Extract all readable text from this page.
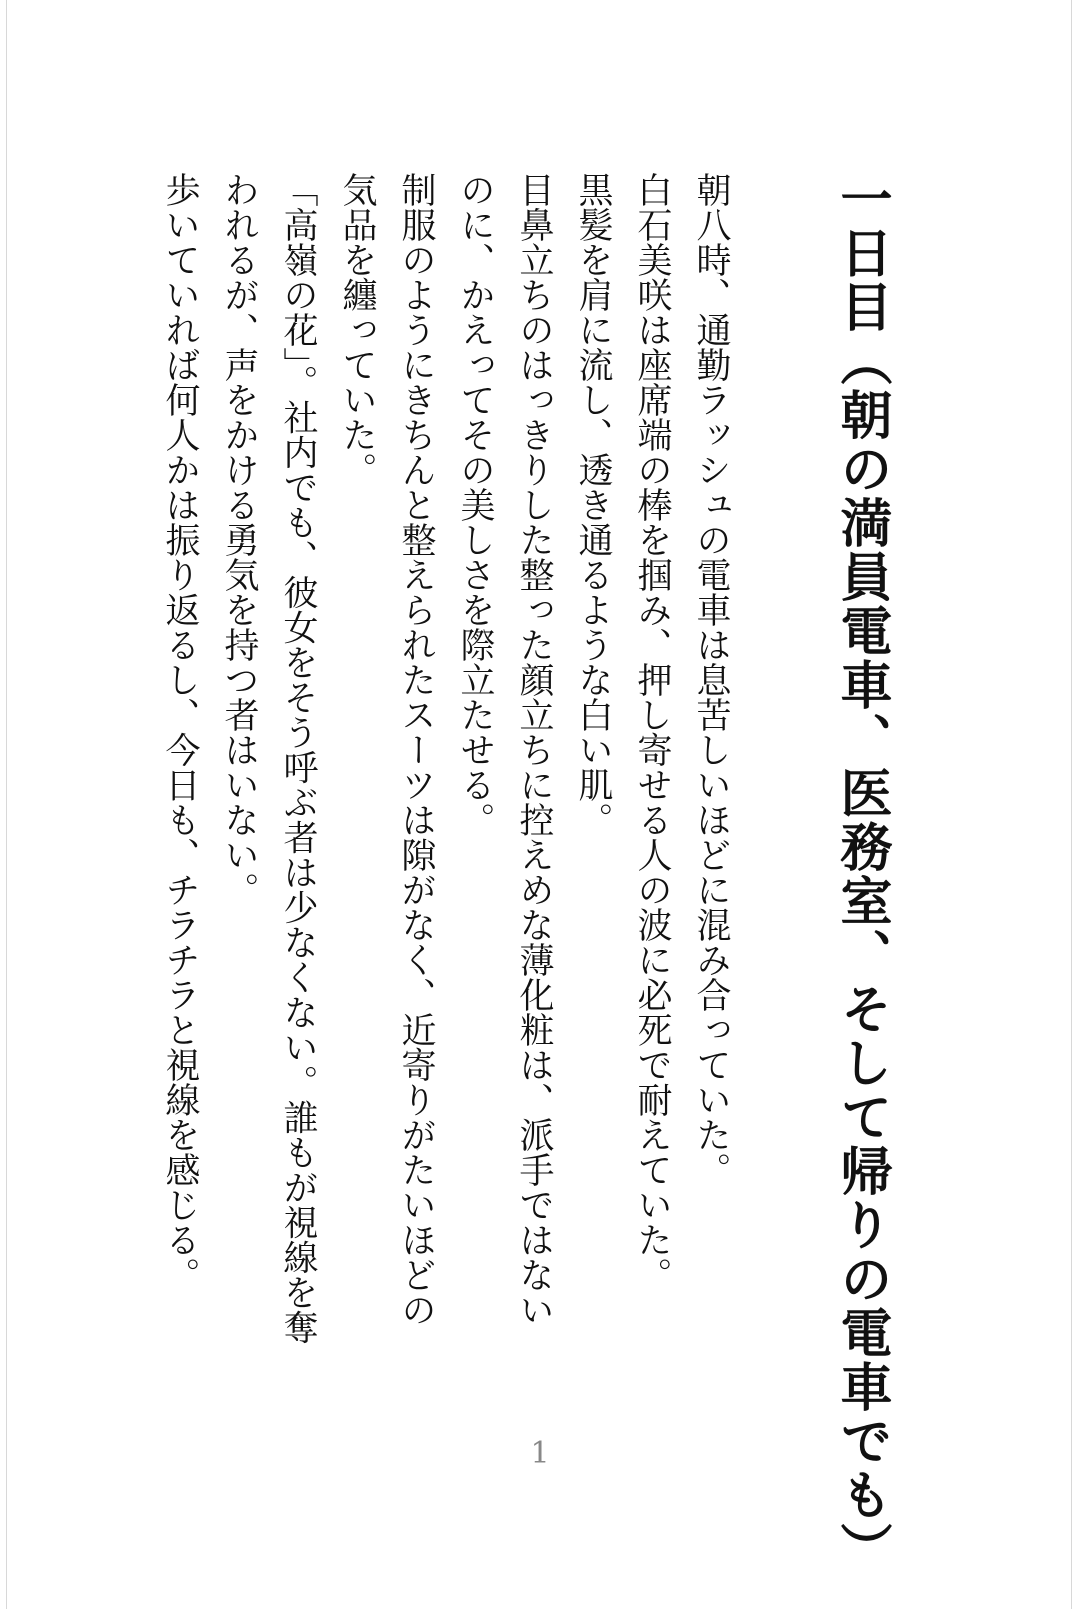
一日目（朝の満員電車、医務室、そして帰りの電車でも）

朝八時、通勤ラッシュの電車は息苦しいほどに混み合っていた。

白石美咲は座席端の棒を掴み、押し寄せる人の波に必死で耐えていた。

黒髪を肩に流し、透き通るような白い肌。

目鼻立ちのはっきりした整った顔立ちに控えめな薄化粧は、派手ではない

のに、かえってその美しさを際立たせる。

制服のようにきちんと整えられたスーツは隙がなく、近寄りがたいほどの

気品を纏っていた。

「高嶺の花」。社内でも、彼女をそう呼ぶ者は少なくない。誰もが視線を奪

われるが、声をかける勇気を持つ者はいない。

歩いていれば何人かは振り返るし、今日も、チラチラと視線を感じる。

1
